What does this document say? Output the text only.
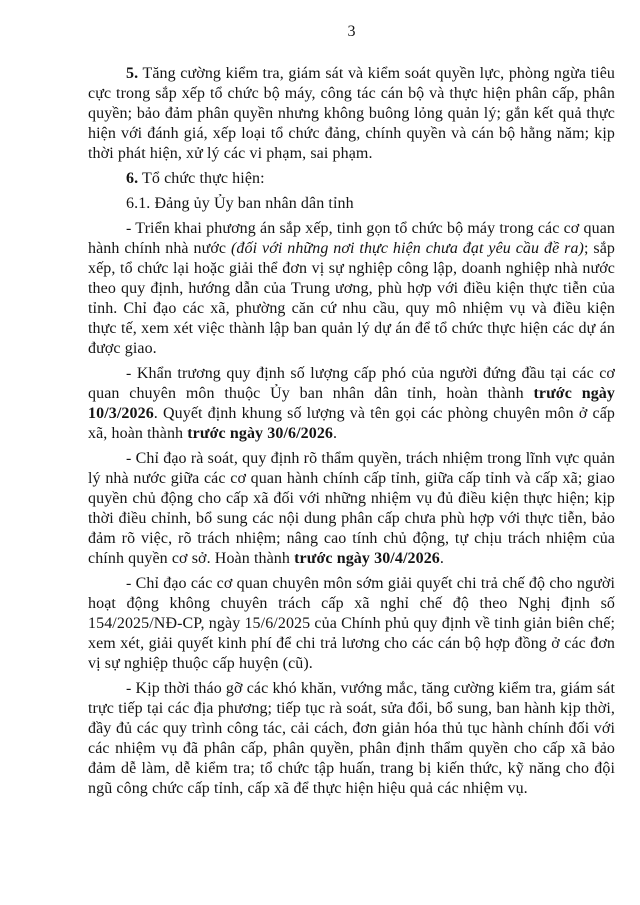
3

5. Tăng cường kiểm tra, giám sát và kiểm soát quyền lực, phòng ngừa tiêu cực trong sắp xếp tổ chức bộ máy, công tác cán bộ và thực hiện phân cấp, phân quyền; bảo đảm phân quyền nhưng không buông lỏng quản lý; gắn kết quả thực hiện với đánh giá, xếp loại tổ chức đảng, chính quyền và cán bộ hằng năm; kịp thời phát hiện, xử lý các vi phạm, sai phạm.

6. Tổ chức thực hiện:

6.1. Đảng ủy Ủy ban nhân dân tỉnh

- Triển khai phương án sắp xếp, tinh gọn tổ chức bộ máy trong các cơ quan hành chính nhà nước (đối với những nơi thực hiện chưa đạt yêu cầu đề ra); sắp xếp, tổ chức lại hoặc giải thể đơn vị sự nghiệp công lập, doanh nghiệp nhà nước theo quy định, hướng dẫn của Trung ương, phù hợp với điều kiện thực tiễn của tỉnh. Chỉ đạo các xã, phường căn cứ nhu cầu, quy mô nhiệm vụ và điều kiện thực tế, xem xét việc thành lập ban quản lý dự án để tổ chức thực hiện các dự án được giao.

- Khẩn trương quy định số lượng cấp phó của người đứng đầu tại các cơ quan chuyên môn thuộc Ủy ban nhân dân tỉnh, hoàn thành trước ngày 10/3/2026. Quyết định khung số lượng và tên gọi các phòng chuyên môn ở cấp xã, hoàn thành trước ngày 30/6/2026.

- Chỉ đạo rà soát, quy định rõ thẩm quyền, trách nhiệm trong lĩnh vực quản lý nhà nước giữa các cơ quan hành chính cấp tỉnh, giữa cấp tỉnh và cấp xã; giao quyền chủ động cho cấp xã đối với những nhiệm vụ đủ điều kiện thực hiện; kịp thời điều chỉnh, bổ sung các nội dung phân cấp chưa phù hợp với thực tiễn, bảo đảm rõ việc, rõ trách nhiệm; nâng cao tính chủ động, tự chịu trách nhiệm của chính quyền cơ sở. Hoàn thành trước ngày 30/4/2026.

- Chỉ đạo các cơ quan chuyên môn sớm giải quyết chi trả chế độ cho người hoạt động không chuyên trách cấp xã nghỉ chế độ theo Nghị định số 154/2025/NĐ-CP, ngày 15/6/2025 của Chính phủ quy định về tinh giản biên chế; xem xét, giải quyết kinh phí để chi trả lương cho các cán bộ hợp đồng ở các đơn vị sự nghiệp thuộc cấp huyện (cũ).

- Kịp thời tháo gỡ các khó khăn, vướng mắc, tăng cường kiểm tra, giám sát trực tiếp tại các địa phương; tiếp tục rà soát, sửa đổi, bổ sung, ban hành kịp thời, đầy đủ các quy trình công tác, cải cách, đơn giản hóa thủ tục hành chính đối với các nhiệm vụ đã phân cấp, phân quyền, phân định thẩm quyền cho cấp xã bảo đảm dễ làm, dễ kiểm tra; tổ chức tập huấn, trang bị kiến thức, kỹ năng cho đội ngũ công chức cấp tỉnh, cấp xã để thực hiện hiệu quả các nhiệm vụ.
